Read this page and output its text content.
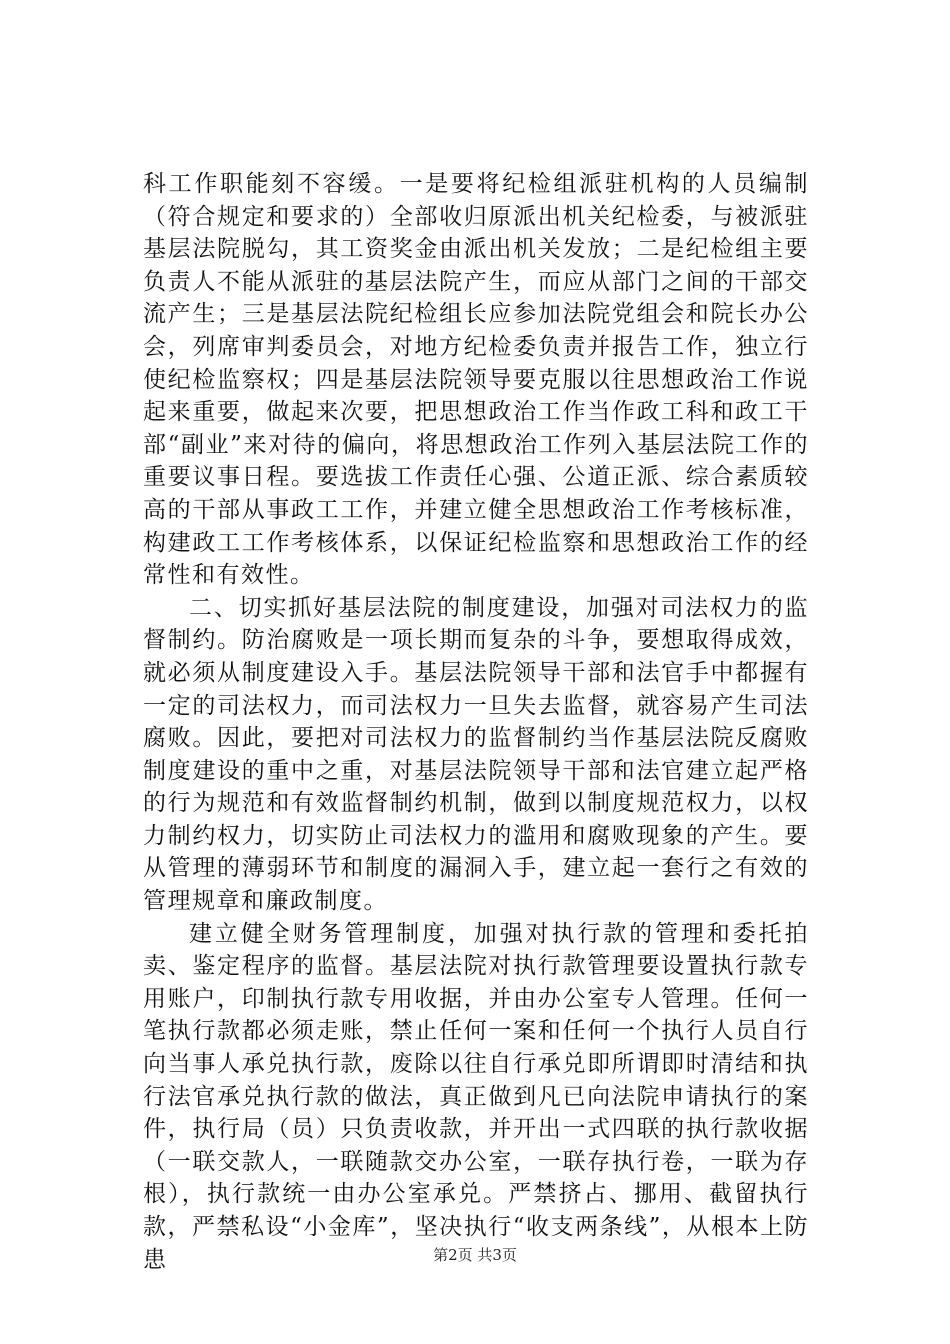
科工作职能刻不容缓。一是要将纪检组派驻机构的人员编制（符合规定和要求的）全部收归原派出机关纪检委，与被派驻基层法院脱勾，其工资奖金由派出机关发放；二是纪检组主要负责人不能从派驻的基层法院产生，而应从部门之间的干部交流产生；三是基层法院纪检组长应参加法院党组会和院长办公会，列席审判委员会，对地方纪检委负责并报告工作，独立行使纪检监察权；四是基层法院领导要克服以往思想政治工作说起来重要，做起来次要，把思想政治工作当作政工科和政工干部“副业”来对待的偏向，将思想政治工作列入基层法院工作的重要议事日程。要选拔工作责任心强、公道正派、综合素质较高的干部从事政工工作，并建立健全思想政治工作考核标准，构建政工工作考核体系，以保证纪检监察和思想政治工作的经常性和有效性。

二、切实抓好基层法院的制度建设，加强对司法权力的监督制约。防治腐败是一项长期而复杂的斗争，要想取得成效，就必须从制度建设入手。基层法院领导干部和法官手中都握有一定的司法权力，而司法权力一旦失去监督，就容易产生司法腐败。因此，要把对司法权力的监督制约当作基层法院反腐败制度建设的重中之重，对基层法院领导干部和法官建立起严格的行为规范和有效监督制约机制，做到以制度规范权力，以权力制约权力，切实防止司法权力的滥用和腐败现象的产生。要从管理的薄弱环节和制度的漏洞入手，建立起一套行之有效的管理规章和廉政制度。

建立健全财务管理制度，加强对执行款的管理和委托拍卖、鉴定程序的监督。基层法院对执行款管理要设置执行款专用账户，印制执行款专用收据，并由办公室专人管理。任何一笔执行款都必须走账，禁止任何一案和任何一个执行人员自行向当事人承兑执行款，废除以往自行承兑即所谓即时清结和执行法官承兑执行款的做法，真正做到凡已向法院申请执行的案件，执行局（员）只负责收款，并开出一式四联的执行款收据（一联交款人，一联随款交办公室，一联存执行卷，一联为存根），执行款统一由办公室承兑。严禁挤占、挪用、截留执行款，严禁私设“小金库”，坚决执行“收支两条线”，从根本上防患	第2页 共3页
